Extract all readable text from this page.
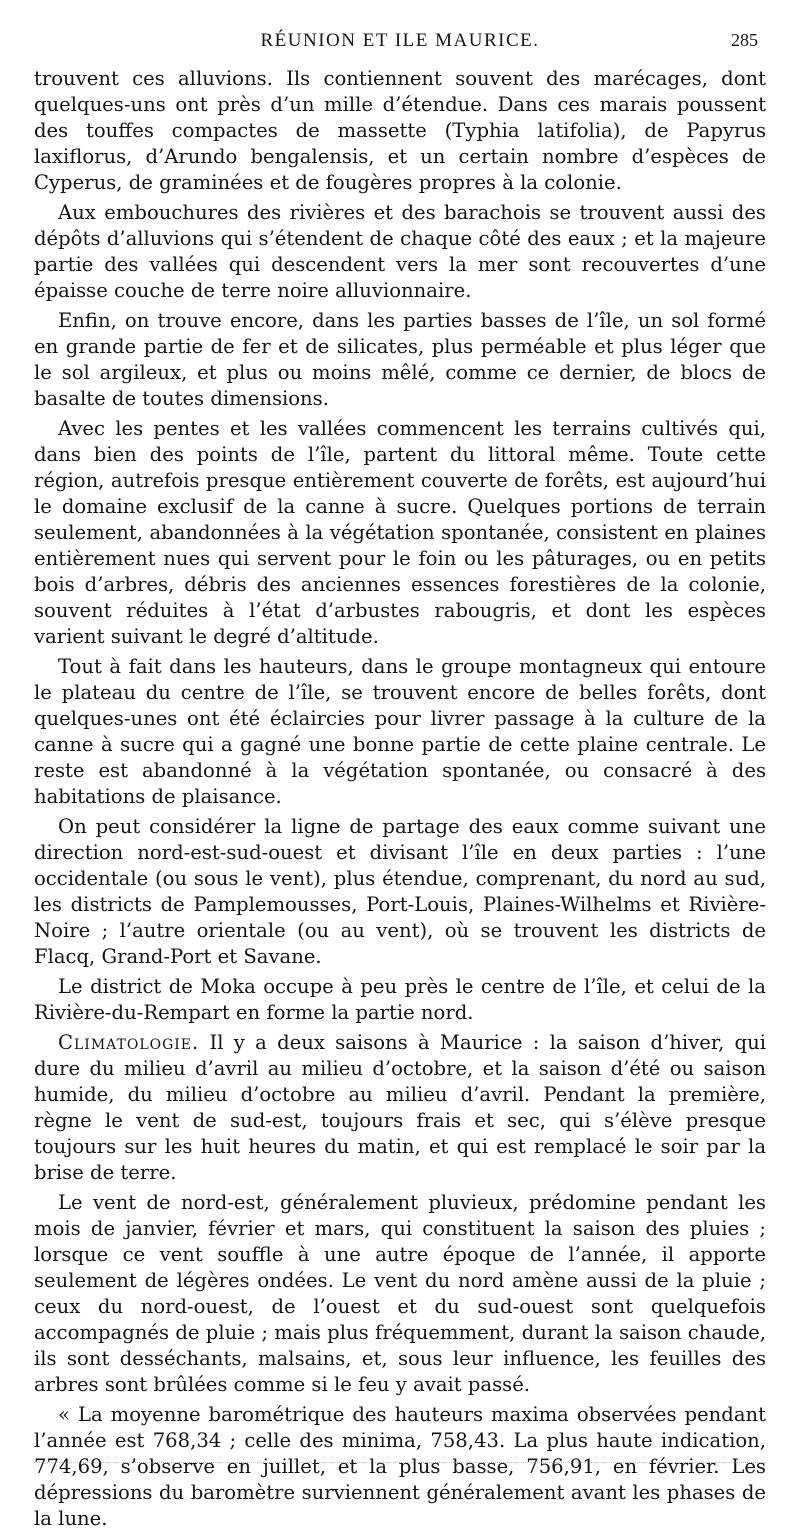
RÉUNION ET ILE MAURICE.	285

trouvent ces alluvions. Ils contiennent souvent des marécages, dont quelques-uns ont près d’un mille d’étendue. Dans ces marais poussent des touffes compactes de massette (Typhia latifolia), de Papyrus laxiflorus, d’Arundo bengalensis, et un certain nombre d’espèces de Cyperus, de graminées et de fougères propres à la colonie.

Aux embouchures des rivières et des barachois se trouvent aussi des dépôts d’alluvions qui s’étendent de chaque côté des eaux ; et la majeure partie des vallées qui descendent vers la mer sont recouvertes d’une épaisse couche de terre noire alluvionnaire.

Enfin, on trouve encore, dans les parties basses de l’île, un sol formé en grande partie de fer et de silicates, plus perméable et plus léger que le sol argileux, et plus ou moins mêlé, comme ce dernier, de blocs de basalte de toutes dimensions.

Avec les pentes et les vallées commencent les terrains cultivés qui, dans bien des points de l’île, partent du littoral même. Toute cette région, autrefois presque entièrement couverte de forêts, est aujourd’hui le domaine exclusif de la canne à sucre. Quelques portions de terrain seulement, abandonnées à la végétation spontanée, consistent en plaines entièrement nues qui servent pour le foin ou les pâturages, ou en petits bois d’arbres, débris des anciennes essences forestières de la colonie, souvent réduites à l’état d’arbustes rabougris, et dont les espèces varient suivant le degré d’altitude.

Tout à fait dans les hauteurs, dans le groupe montagneux qui entoure le plateau du centre de l’île, se trouvent encore de belles forêts, dont quelques-unes ont été éclaircies pour livrer passage à la culture de la canne à sucre qui a gagné une bonne partie de cette plaine centrale. Le reste est abandonné à la végétation spontanée, ou consacré à des habitations de plaisance.

On peut considérer la ligne de partage des eaux comme suivant une direction nord-est-sud-ouest et divisant l’île en deux parties : l’une occidentale (ou sous le vent), plus étendue, comprenant, du nord au sud, les districts de Pamplemousses, Port-Louis, Plaines-Wilhelms et Rivière-Noire ; l’autre orientale (ou au vent), où se trouvent les districts de Flacq, Grand-Port et Savane.

Le district de Moka occupe à peu près le centre de l’île, et celui de la Rivière-du-Rempart en forme la partie nord.

Climatologie. Il y a deux saisons à Maurice : la saison d’hiver, qui dure du milieu d’avril au milieu d’octobre, et la saison d’été ou saison humide, du milieu d’octobre au milieu d’avril. Pendant la première, règne le vent de sud-est, toujours frais et sec, qui s’élève presque toujours sur les huit heures du matin, et qui est remplacé le soir par la brise de terre.

Le vent de nord-est, généralement pluvieux, prédomine pendant les mois de janvier, février et mars, qui constituent la saison des pluies ; lorsque ce vent souffle à une autre époque de l’année, il apporte seulement de légères ondées. Le vent du nord amène aussi de la pluie ; ceux du nord-ouest, de l’ouest et du sud-ouest sont quelquefois accompagnés de pluie ; mais plus fréquemment, durant la saison chaude, ils sont desséchants, malsains, et, sous leur influence, les feuilles des arbres sont brûlées comme si le feu y avait passé.

« La moyenne barométrique des hauteurs maxima observées pendant l’année est 768,34 ; celle des minima, 758,43. La plus haute indication, 774,69, s’observe en juillet, et la plus basse, 756,91, en février. Les dépressions du baromètre surviennent généralement avant les phases de la lune.
